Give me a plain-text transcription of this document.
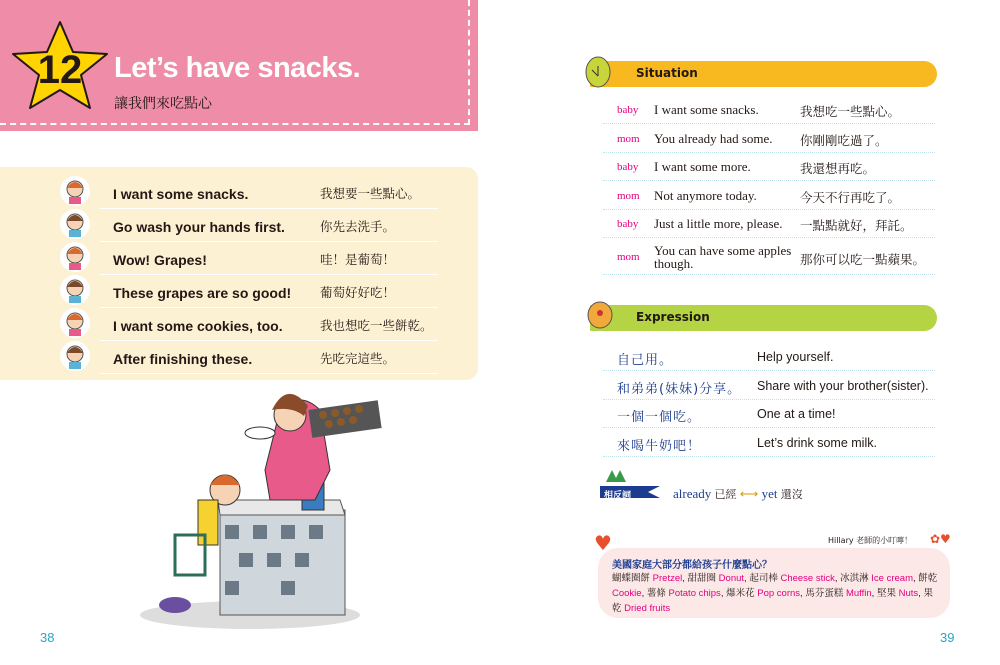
12 Let’s have snacks.
讓我們來吃點心
I want some snacks.	我想要一些點心。
Go wash your hands first.	你先去洗手。
Wow! Grapes!	哇！是葡萄！
These grapes are so good! 葡萄好好吃！
I want some cookies, too.	我也想吃一些餅乾。
After finishing these.	先吃完這些。
38
Situation
baby I want some snacks.	我想吃一些點心。
mom You already had some.	你剛剛吃過了。
baby I want some more.	我還想再吃。
mom Not anymore today.	今天不行再吃了。
baby Just a little more, please.	一點點就好，拜託。
mom You can have some apples though.	那你可以吃一點蘋果。
Expression
自己用。	Help yourself.
和弟弟(妹妹)分享。 Share with your brother(sister).
一個一個吃。	One at a time!
來喝牛奶吧！	Let’s drink some milk.
相反詞	already 已經 ⟷ yet 還沒
Hillary 老師的小叮嚀！
♥	✿♥
美國家庭大部分都給孩子什麼點心？
蝴蝶圈餅 Pretzel, 甜甜圈 Donut, 起司棒 Cheese stick, 冰淇淋 Ice cream, 餅乾 Cookie, 薯條 Potato chips, 爆米花 Pop corns, 馬芬蛋糕 Muffin, 堅果 Nuts, 果乾 Dried fruits
39
